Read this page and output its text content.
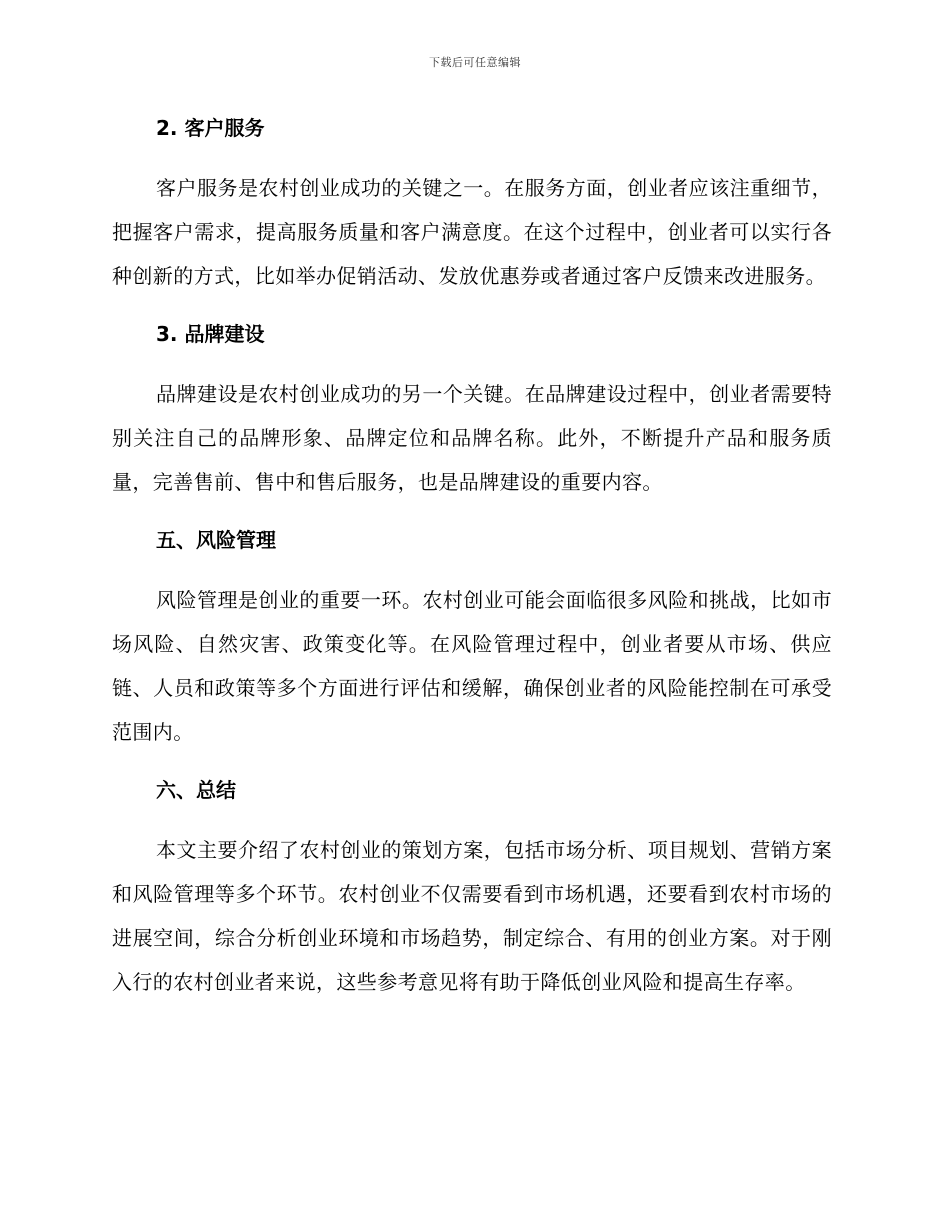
下载后可任意编辑
2. 客户服务

客户服务是农村创业成功的关键之一。在服务方面，创业者应该注重细节，把握客户需求，提高服务质量和客户满意度。在这个过程中，创业者可以实行各种创新的方式，比如举办促销活动、发放优惠券或者通过客户反馈来改进服务。

3. 品牌建设

品牌建设是农村创业成功的另一个关键。在品牌建设过程中，创业者需要特别关注自己的品牌形象、品牌定位和品牌名称。此外，不断提升产品和服务质量，完善售前、售中和售后服务，也是品牌建设的重要内容。

五、风险管理

风险管理是创业的重要一环。农村创业可能会面临很多风险和挑战，比如市场风险、自然灾害、政策变化等。在风险管理过程中，创业者要从市场、供应链、人员和政策等多个方面进行评估和缓解，确保创业者的风险能控制在可承受范围内。

六、总结

本文主要介绍了农村创业的策划方案，包括市场分析、项目规划、营销方案和风险管理等多个环节。农村创业不仅需要看到市场机遇，还要看到农村市场的进展空间，综合分析创业环境和市场趋势，制定综合、有用的创业方案。对于刚入行的农村创业者来说，这些参考意见将有助于降低创业风险和提高生存率。
